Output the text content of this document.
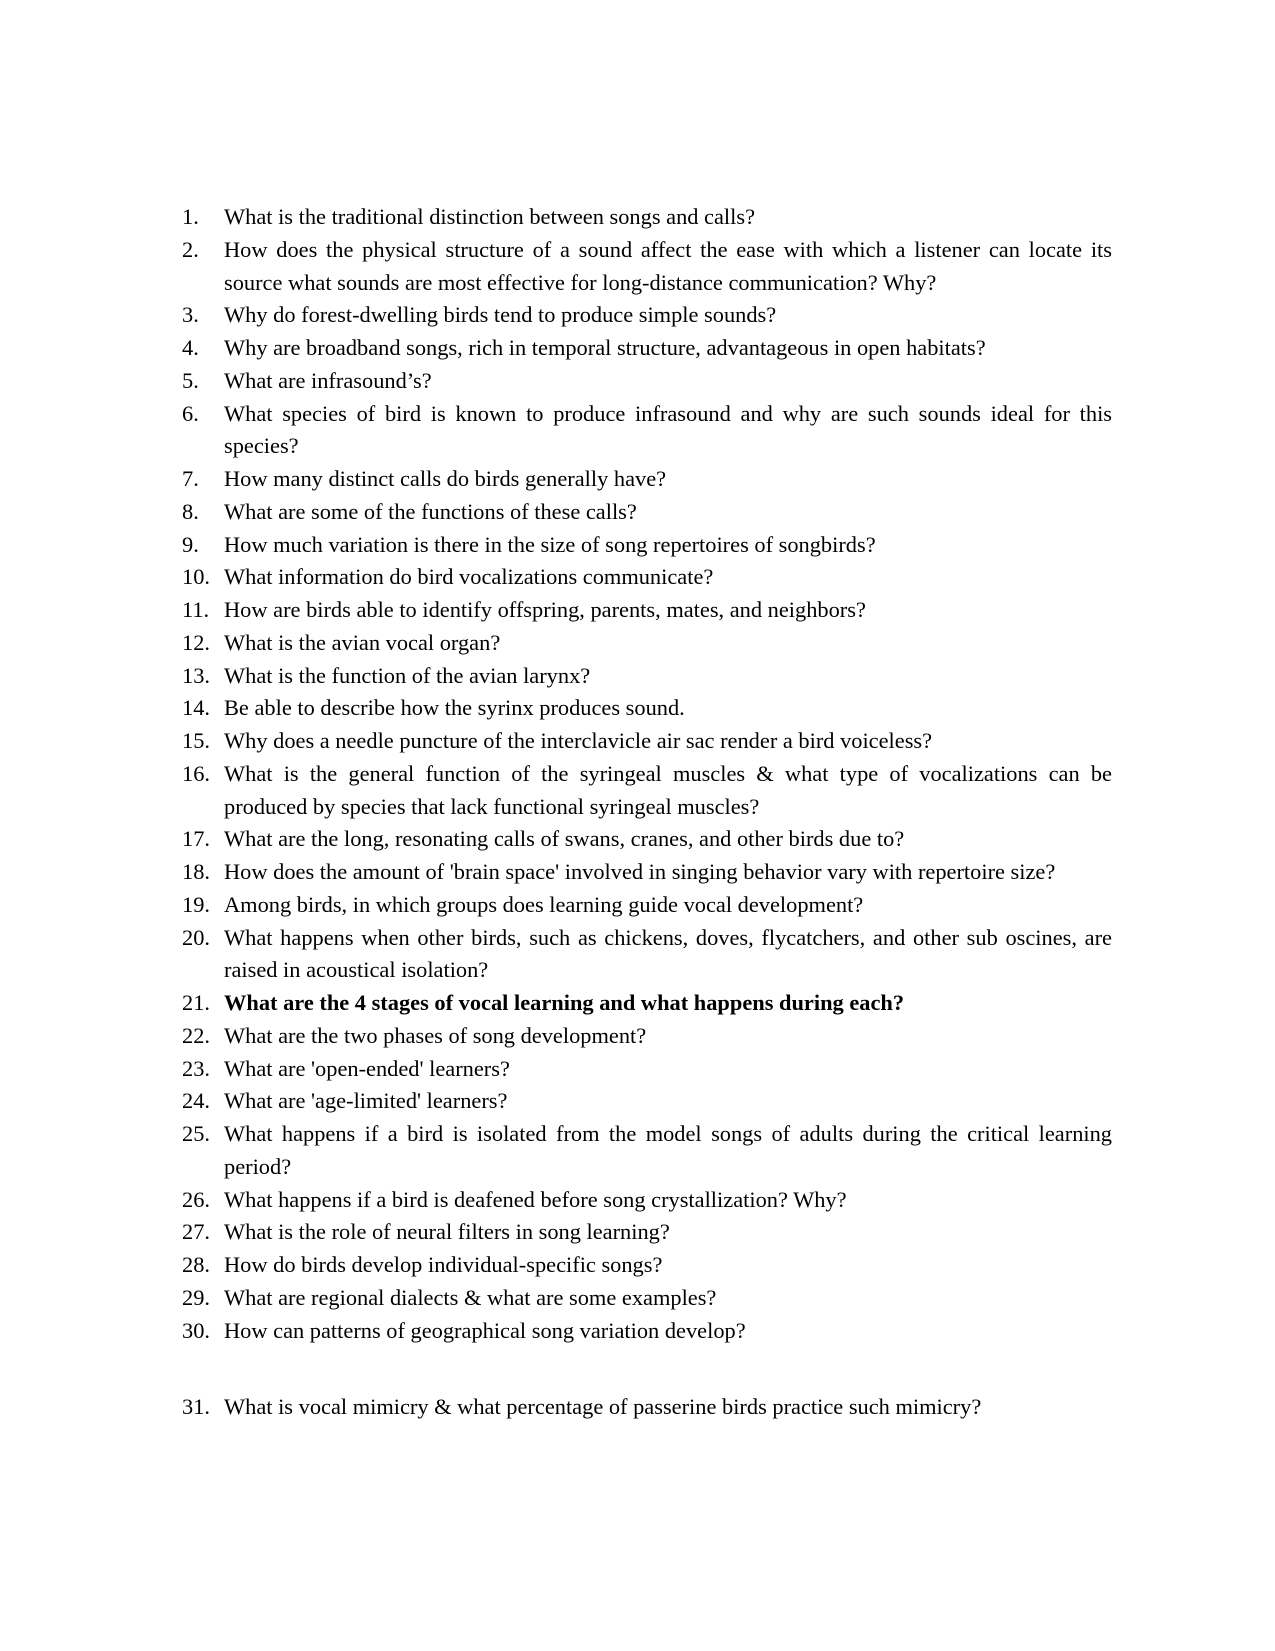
1. What is the traditional distinction between songs and calls?
2. How does the physical structure of a sound affect the ease with which a listener can locate its source what sounds are most effective for long-distance communication? Why?
3. Why do forest-dwelling birds tend to produce simple sounds?
4. Why are broadband songs, rich in temporal structure, advantageous in open habitats?
5. What are infrasound’s?
6. What species of bird is known to produce infrasound and why are such sounds ideal for this species?
7. How many distinct calls do birds generally have?
8. What are some of the functions of these calls?
9. How much variation is there in the size of song repertoires of songbirds?
10. What information do bird vocalizations communicate?
11. How are birds able to identify offspring, parents, mates, and neighbors?
12. What is the avian vocal organ?
13. What is the function of the avian larynx?
14. Be able to describe how the syrinx produces sound.
15. Why does a needle puncture of the interclavicle air sac render a bird voiceless?
16. What is the general function of the syringeal muscles & what type of vocalizations can be produced by species that lack functional syringeal muscles?
17. What are the long, resonating calls of swans, cranes, and other birds due to?
18. How does the amount of 'brain space' involved in singing behavior vary with repertoire size?
19. Among birds, in which groups does learning guide vocal development?
20. What happens when other birds, such as chickens, doves, flycatchers, and other sub oscines, are raised in acoustical isolation?
21. What are the 4 stages of vocal learning and what happens during each?
22. What are the two phases of song development?
23. What are 'open-ended' learners?
24. What are 'age-limited' learners?
25. What happens if a bird is isolated from the model songs of adults during the critical learning period?
26. What happens if a bird is deafened before song crystallization? Why?
27. What is the role of neural filters in song learning?
28. How do birds develop individual-specific songs?
29. What are regional dialects & what are some examples?
30. How can patterns of geographical song variation develop?
31. What is vocal mimicry & what percentage of passerine birds practice such mimicry?
